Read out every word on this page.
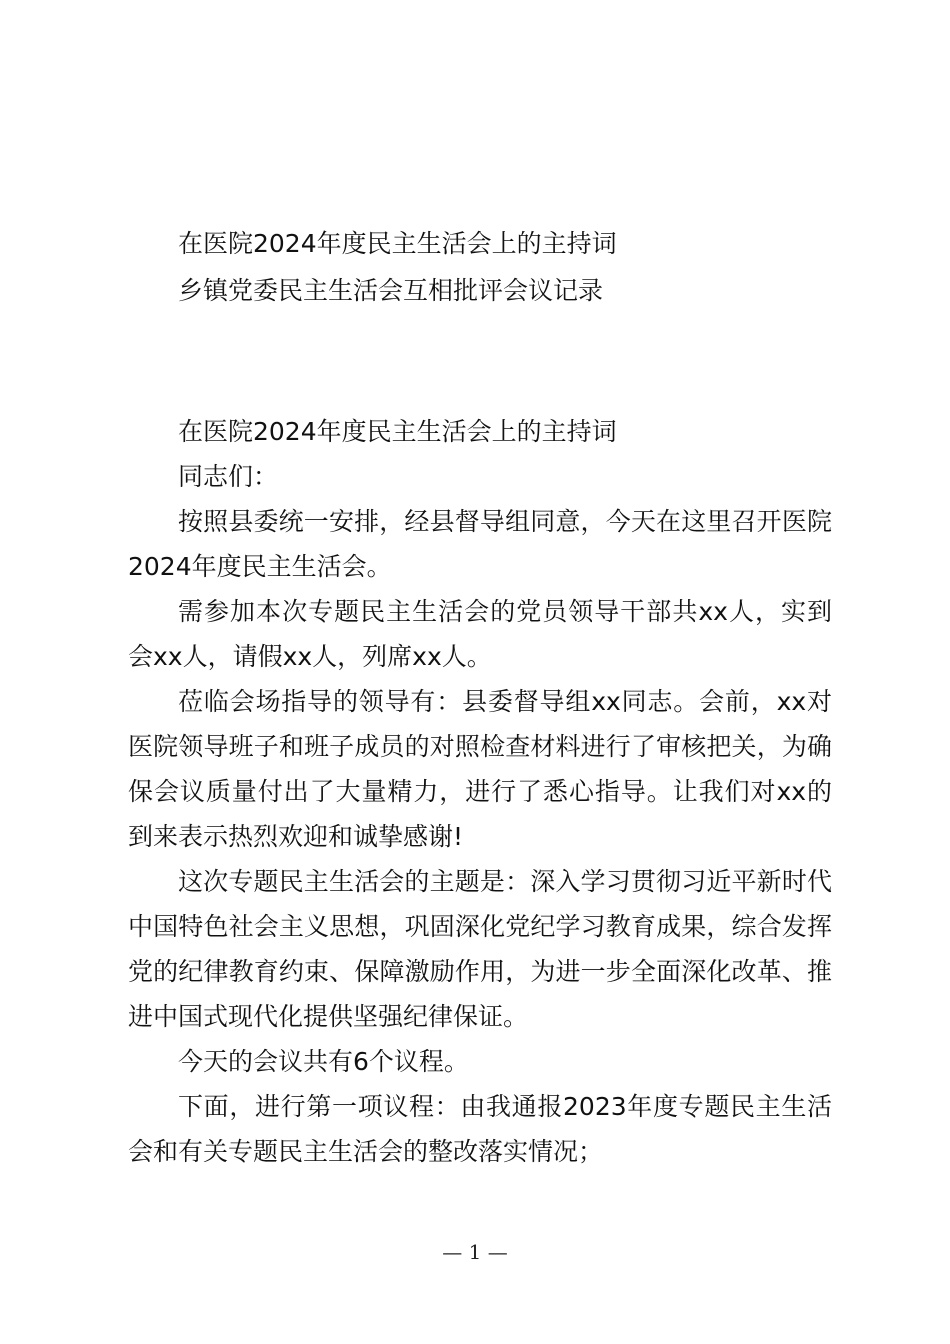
在医院2024年度民主生活会上的主持词
乡镇党委民主生活会互相批评会议记录

在医院2024年度民主生活会上的主持词

同志们：

按照县委统一安排，经县督导组同意，今天在这里召开医院2024年度民主生活会。

需参加本次专题民主生活会的党员领导干部共xx人，实到会xx人，请假xx人，列席xx人。

莅临会场指导的领导有：县委督导组xx同志。会前，xx对医院领导班子和班子成员的对照检查材料进行了审核把关，为确保会议质量付出了大量精力，进行了悉心指导。让我们对xx的到来表示热烈欢迎和诚挚感谢!

这次专题民主生活会的主题是：深入学习贯彻习近平新时代中国特色社会主义思想，巩固深化党纪学习教育成果，综合发挥党的纪律教育约束、保障激励作用，为进一步全面深化改革、推进中国式现代化提供坚强纪律保证。

今天的会议共有6个议程。

下面，进行第一项议程：由我通报2023年度专题民主生活会和有关专题民主生活会的整改落实情况；

— 1 —
